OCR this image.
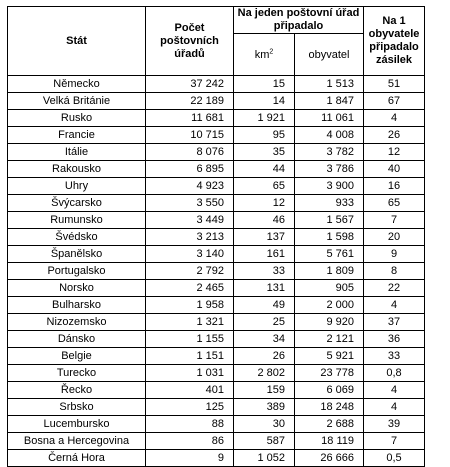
Stát	Počet poštovních úřadů	Na jeden poštovní úřad připadalo		Na 1 obyvatele připadalo zásilek
		$km^2$	obyvatel	
Německo	37 242	15	1 513	51
Velká Británie	22 189	14	1 847	67
Rusko	11 681	1 921	11 061	4
Francie	10 715	95	4 008	26
Itálie	8 076	35	3 782	12
Rakousko	6 895	44	3 786	40
Uhry	4 923	65	3 900	16
Švýcarsko	3 550	12	933	65
Rumunsko	3 449	46	1 567	7
Švédsko	3 213	137	1 598	20
Španělsko	3 140	161	5 761	9
Portugalsko	2 792	33	1 809	8
Norsko	2 465	131	905	22
Bulharsko	1 958	49	2 000	4
Nizozemsko	1 321	25	9 920	37
Dánsko	1 155	34	2 121	36
Belgie	1 151	26	5 921	33
Turecko	1 031	2 802	23 778	0,8
Řecko	401	159	6 069	4
Srbsko	125	389	18 248	4
Lucembursko	88	30	2 688	39
Bosna a Hercegovina	86	587	18 119	7
Černá Hora	9	1 052	26 666	0,5
